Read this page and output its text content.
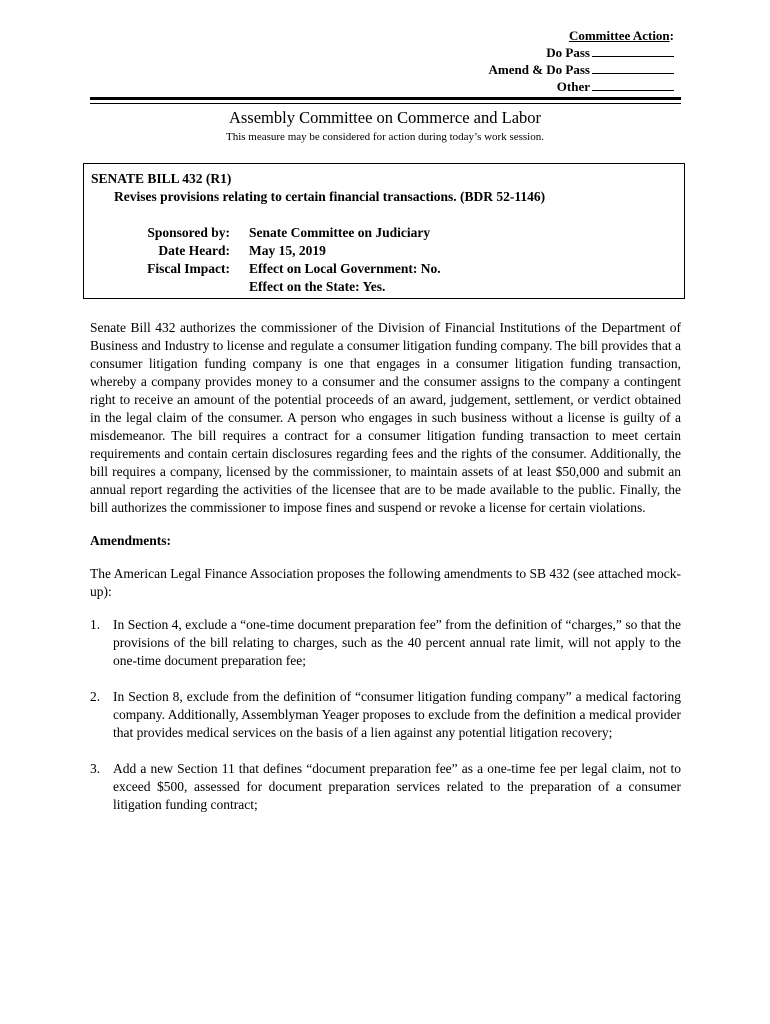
Committee Action:
Do Pass
Amend & Do Pass
Other
Assembly Committee on Commerce and Labor
This measure may be considered for action during today’s work session.
SENATE BILL 432 (R1)
Revises provisions relating to certain financial transactions. (BDR 52-1146)
Sponsored by: Senate Committee on Judiciary
Date Heard: May 15, 2019
Fiscal Impact: Effect on Local Government: No.
Effect on the State: Yes.

Senate Bill 432 authorizes the commissioner of the Division of Financial Institutions of the Department of Business and Industry to license and regulate a consumer litigation funding company. The bill provides that a consumer litigation funding company is one that engages in a consumer litigation funding transaction, whereby a company provides money to a consumer and the consumer assigns to the company a contingent right to receive an amount of the potential proceeds of an award, judgement, settlement, or verdict obtained in the legal claim of the consumer. A person who engages in such business without a license is guilty of a misdemeanor. The bill requires a contract for a consumer litigation funding transaction to meet certain requirements and contain certain disclosures regarding fees and the rights of the consumer. Additionally, the bill requires a company, licensed by the commissioner, to maintain assets of at least $50,000 and submit an annual report regarding the activities of the licensee that are to be made available to the public. Finally, the bill authorizes the commissioner to impose fines and suspend or revoke a license for certain violations.

Amendments:

The American Legal Finance Association proposes the following amendments to SB 432 (see attached mock-up):

1. In Section 4, exclude a “one-time document preparation fee” from the definition of “charges,” so that the provisions of the bill relating to charges, such as the 40 percent annual rate limit, will not apply to the one-time document preparation fee;
2. In Section 8, exclude from the definition of “consumer litigation funding company” a medical factoring company. Additionally, Assemblyman Yeager proposes to exclude from the definition a medical provider that provides medical services on the basis of a lien against any potential litigation recovery;
3. Add a new Section 11 that defines “document preparation fee” as a one-time fee per legal claim, not to exceed $500, assessed for document preparation services related to the preparation of a consumer litigation funding contract;
